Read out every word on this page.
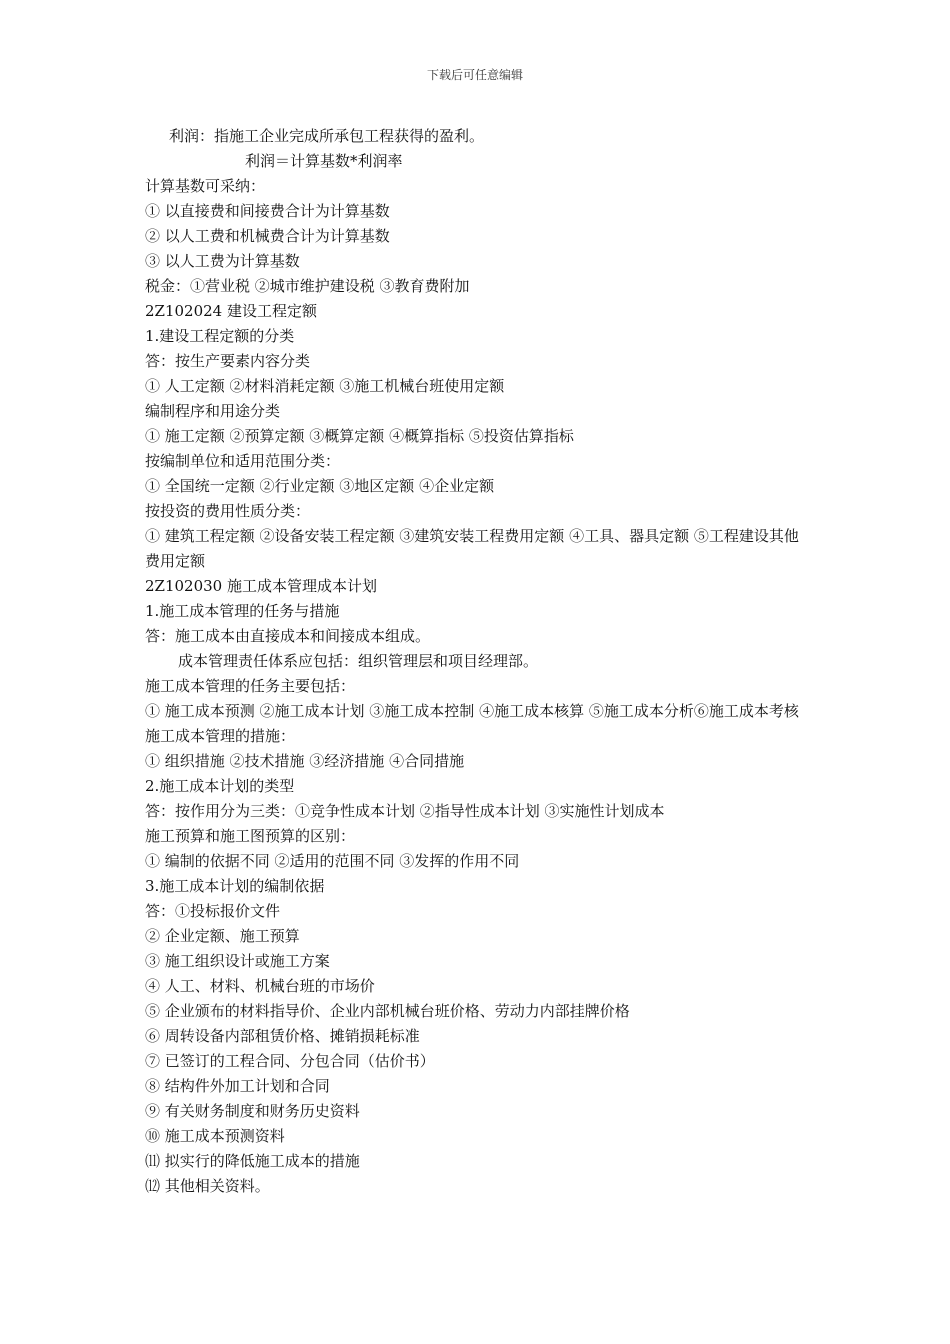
下载后可任意编辑
利润：指施工企业完成所承包工程获得的盈利。
利润＝计算基数*利润率
计算基数可采纳：
① 以直接费和间接费合计为计算基数
② 以人工费和机械费合计为计算基数
③ 以人工费为计算基数
税金：①营业税 ②城市维护建设税 ③教育费附加
2Z102024 建设工程定额
1.建设工程定额的分类
答：按生产要素内容分类
① 人工定额 ②材料消耗定额 ③施工机械台班使用定额
编制程序和用途分类
① 施工定额 ②预算定额 ③概算定额 ④概算指标 ⑤投资估算指标
按编制单位和适用范围分类：
① 全国统一定额 ②行业定额 ③地区定额 ④企业定额
按投资的费用性质分类：
① 建筑工程定额 ②设备安装工程定额 ③建筑安装工程费用定额 ④工具、器具定额 ⑤工程建设其他费用定额
2Z102030 施工成本管理成本计划
1.施工成本管理的任务与措施
答：施工成本由直接成本和间接成本组成。
成本管理责任体系应包括：组织管理层和项目经理部。
施工成本管理的任务主要包括：
① 施工成本预测 ②施工成本计划 ③施工成本控制 ④施工成本核算 ⑤施工成本分析⑥施工成本考核
施工成本管理的措施：
① 组织措施 ②技术措施 ③经济措施 ④合同措施
2.施工成本计划的类型
答：按作用分为三类：①竞争性成本计划 ②指导性成本计划 ③实施性计划成本
施工预算和施工图预算的区别：
① 编制的依据不同 ②适用的范围不同 ③发挥的作用不同
3.施工成本计划的编制依据
答：①投标报价文件
② 企业定额、施工预算
③ 施工组织设计或施工方案
④ 人工、材料、机械台班的市场价
⑤ 企业颁布的材料指导价、企业内部机械台班价格、劳动力内部挂牌价格
⑥ 周转设备内部租赁价格、摊销损耗标准
⑦ 已签订的工程合同、分包合同（估价书）
⑧ 结构件外加工计划和合同
⑨ 有关财务制度和财务历史资料
⑩ 施工成本预测资料
⑾ 拟实行的降低施工成本的措施
⑿ 其他相关资料。
